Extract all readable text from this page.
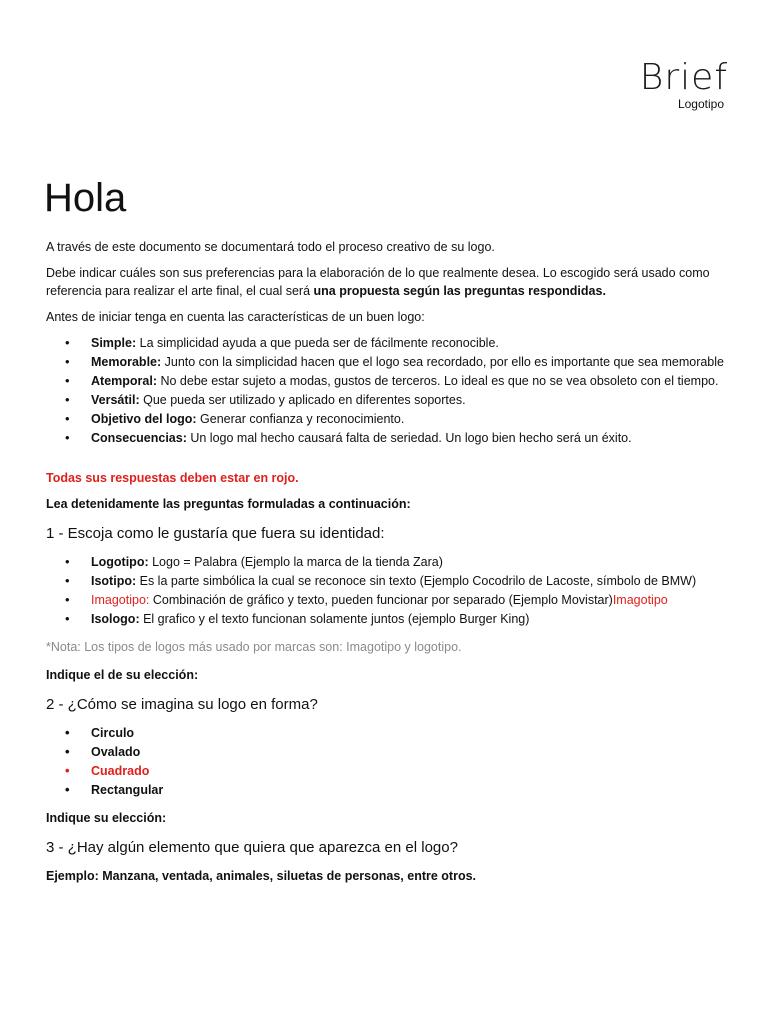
Brief
Logotipo
Hola

A través de este documento se documentará todo el proceso creativo de su logo.

Debe indicar cuáles son sus preferencias para la elaboración de lo que realmente desea. Lo escogido será usado como referencia para realizar el arte final, el cual será una propuesta según las preguntas respondidas.

Antes de iniciar tenga en cuenta las características de un buen logo:

• Simple: La simplicidad ayuda a que pueda ser de fácilmente reconocible.
• Memorable: Junto con la simplicidad hacen que el logo sea recordado, por ello es importante que sea memorable
• Atemporal: No debe estar sujeto a modas, gustos de terceros. Lo ideal es que no se vea obsoleto con el tiempo.
• Versátil: Que pueda ser utilizado y aplicado en diferentes soportes.
• Objetivo del logo: Generar confianza y reconocimiento.
• Consecuencias: Un logo mal hecho causará falta de seriedad. Un logo bien hecho será un éxito.

Todas sus respuestas deben estar en rojo.

Lea detenidamente las preguntas formuladas a continuación:

1 - Escoja como le gustaría que fuera su identidad:
• Logotipo: Logo = Palabra (Ejemplo la marca de la tienda Zara)
• Isotipo: Es la parte simbólica la cual se reconoce sin texto (Ejemplo Cocodrilo de Lacoste, símbolo de BMW)
• Imagotipo: Combinación de gráfico y texto, pueden funcionar por separado (Ejemplo Movistar)Imagotipo
• Isologo: El grafico y el texto funcionan solamente juntos (ejemplo Burger King)

*Nota: Los tipos de logos más usado por marcas son: Imagotipo y logotipo.

Indique el de su elección:

2 - ¿Cómo se imagina su logo en forma?
• Circulo
• Ovalado
• Cuadrado
• Rectangular

Indique su elección:

3 - ¿Hay algún elemento que quiera que aparezca en el logo?

Ejemplo: Manzana, ventada, animales, siluetas de personas, entre otros.
